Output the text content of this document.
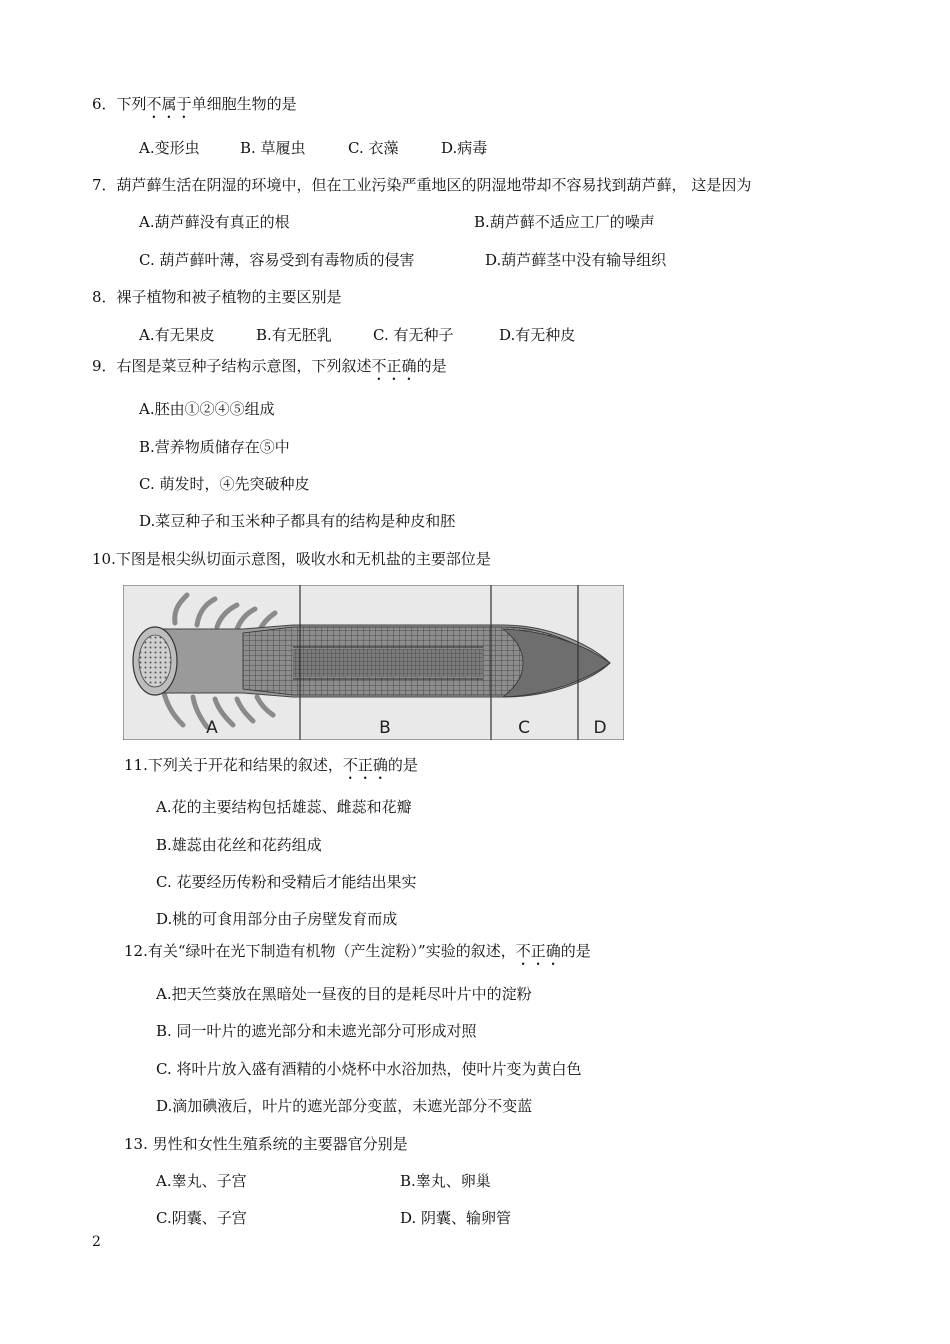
6．下列不属于单细胞生物的是
A.变形虫	B. 草履虫	C. 衣藻	D.病毒
7．葫芦藓生活在阴湿的环境中，但在工业污染严重地区的阴湿地带却不容易找到葫芦藓， 这是因为
A.葫芦藓没有真正的根	B.葫芦藓不适应工厂的噪声
C. 葫芦藓叶薄，容易受到有毒物质的侵害	D.葫芦藓茎中没有输导组织
8．裸子植物和被子植物的主要区别是
A.有无果皮	B.有无胚乳	C. 有无种子	D.有无种皮
9．右图是菜豆种子结构示意图，下列叙述不正确的是
A.胚由①②④⑤组成
B.营养物质储存在⑤中
C. 萌发时，④先突破种皮
D.菜豆种子和玉米种子都具有的结构是种皮和胚
10.下图是根尖纵切面示意图，吸收水和无机盐的主要部位是
A	B	C	D
11.下列关于开花和结果的叙述，不正确的是
A.花的主要结构包括雄蕊、雌蕊和花瓣
B.雄蕊由花丝和花药组成
C. 花要经历传粉和受精后才能结出果实
D.桃的可食用部分由子房壁发育而成
12.有关“绿叶在光下制造有机物（产生淀粉）”实验的叙述，不正确的是
A.把天竺葵放在黑暗处一昼夜的目的是耗尽叶片中的淀粉
B. 同一叶片的遮光部分和未遮光部分可形成对照
C. 将叶片放入盛有酒精的小烧杯中水浴加热，使叶片变为黄白色
D.滴加碘液后，叶片的遮光部分变蓝，未遮光部分不变蓝
13. 男性和女性生殖系统的主要器官分别是
A.睾丸、子宫	B.睾丸、卵巢
C.阴囊、子宫	D. 阴囊、输卵管
2
